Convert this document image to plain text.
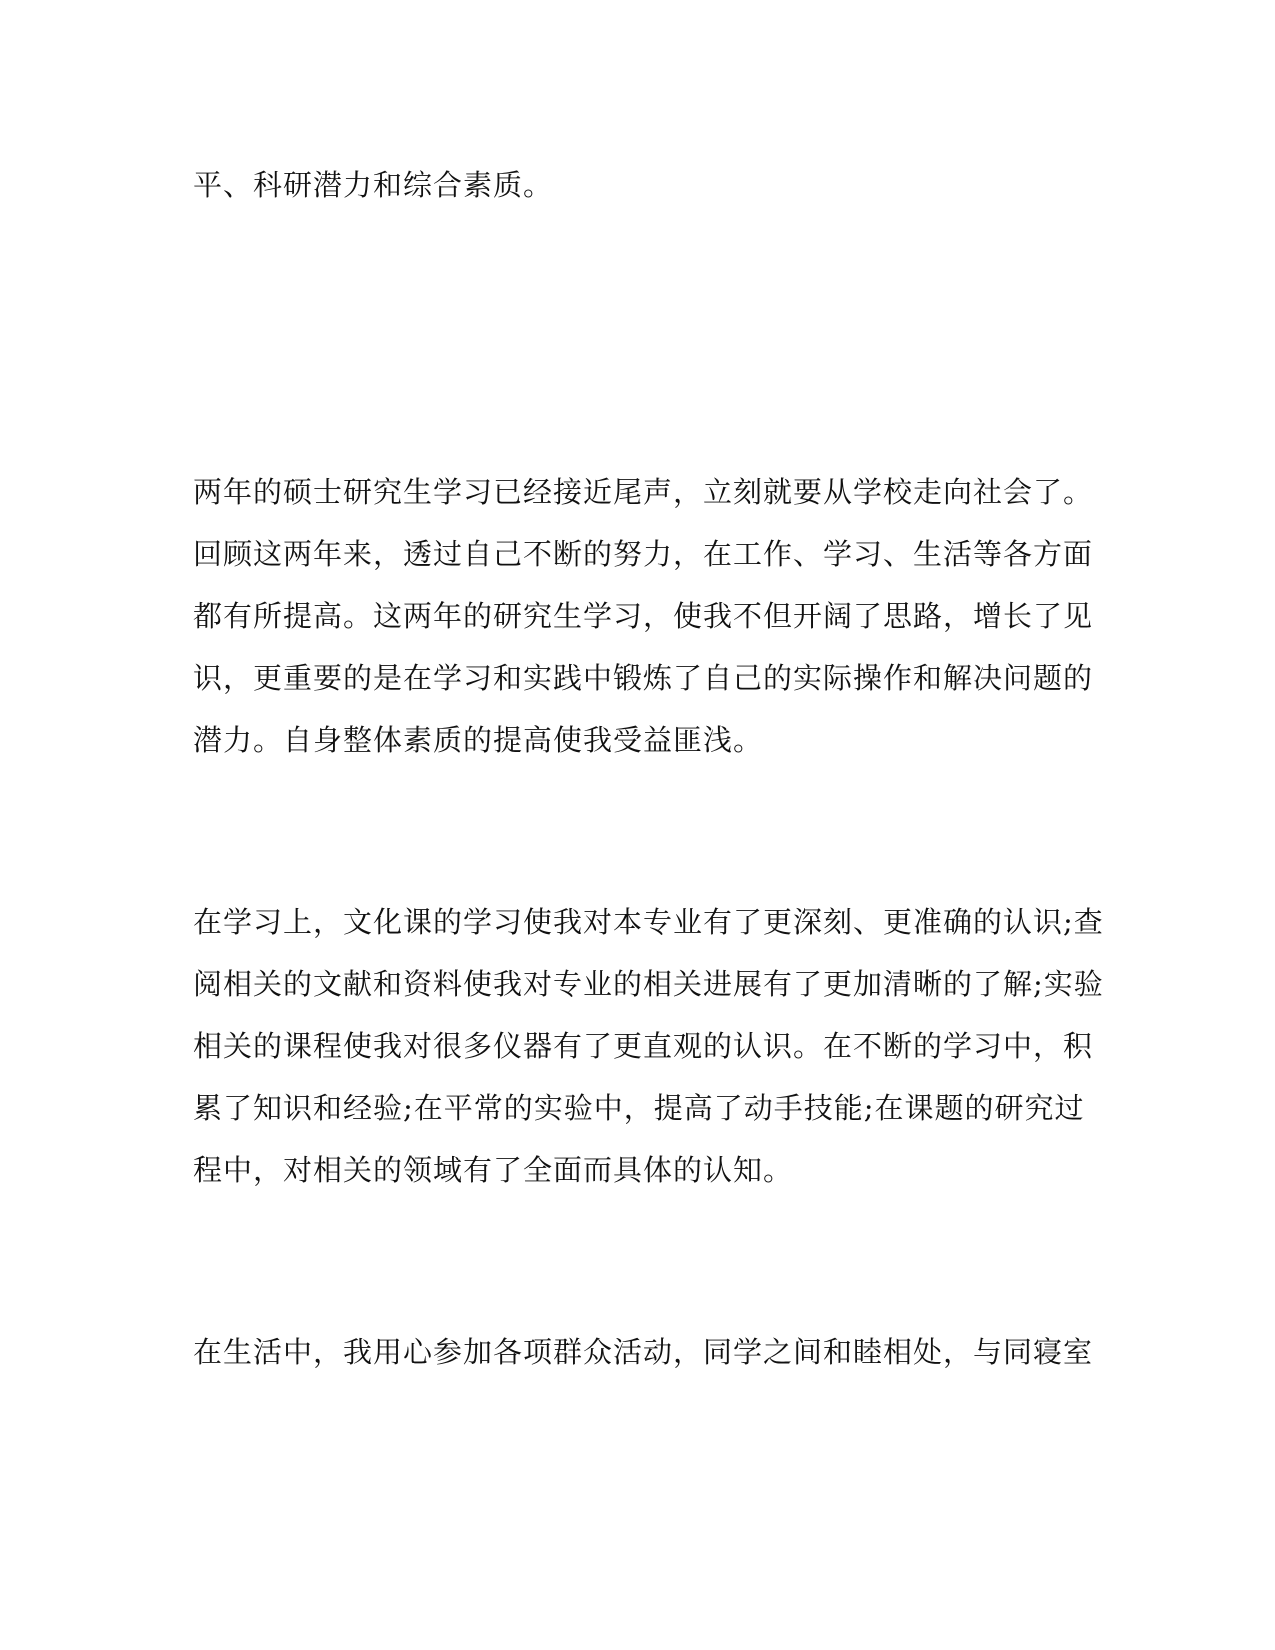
平、科研潜力和综合素质。

两年的硕士研究生学习已经接近尾声，立刻就要从学校走向社会了。

回顾这两年来，透过自己不断的努力，在工作、学习、生活等各方面

都有所提高。这两年的研究生学习，使我不但开阔了思路，增长了见

识，更重要的是在学习和实践中锻炼了自己的实际操作和解决问题的

潜力。自身整体素质的提高使我受益匪浅。

在学习上，文化课的学习使我对本专业有了更深刻、更准确的认识;查

阅相关的文献和资料使我对专业的相关进展有了更加清晰的了解;实验

相关的课程使我对很多仪器有了更直观的认识。在不断的学习中，积

累了知识和经验;在平常的实验中，提高了动手技能;在课题的研究过

程中，对相关的领域有了全面而具体的认知。

在生活中，我用心参加各项群众活动，同学之间和睦相处，与同寝室
